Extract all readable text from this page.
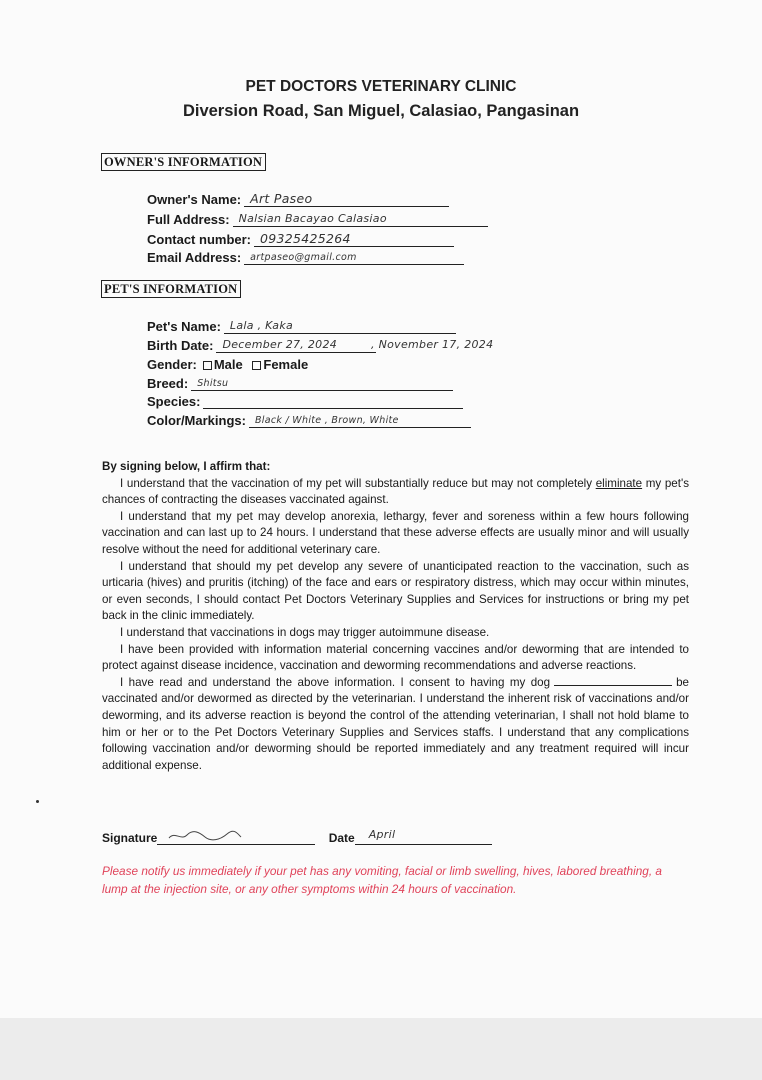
PET DOCTORS VETERINARY CLINIC
Diversion Road, San Miguel, Calasiao, Pangasinan
OWNER'S INFORMATION
Owner's Name: Art Paseo
Full Address: Nalsian Bacayao Calasiao
Contact number: 09325425264
Email Address: artpaseo@gmail.com
PET'S INFORMATION
Pet's Name: Lala , Kaka
Birth Date: December 27, 2024	, November 17, 2024
Gender:	Male Female
Breed: Shitsu
Species:
Color/Markings: Black / White , Brown, White
By signing below, I affirm that:

I understand that the vaccination of my pet will substantially reduce but may not completely eliminate my pet's chances of contracting the diseases vaccinated against.

I understand that my pet may develop anorexia, lethargy, fever and soreness within a few hours following vaccination and can last up to 24 hours. I understand that these adverse effects are usually minor and will usually resolve without the need for additional veterinary care.

I understand that should my pet develop any severe of unanticipated reaction to the vaccination, such as urticaria (hives) and pruritis (itching) of the face and ears or respiratory distress, which may occur within minutes, or even seconds, I should contact Pet Doctors Veterinary Supplies and Services for instructions or bring my pet back in the clinic immediately.

I understand that vaccinations in dogs may trigger autoimmune disease.

I have been provided with information material concerning vaccines and/or deworming that are intended to protect against disease incidence, vaccination and deworming recommendations and adverse reactions.

I have read and understand the above information. I consent to having my dog	be vaccinated and/or dewormed as directed by the veterinarian. I understand the inherent risk of vaccinations and/or deworming, and its adverse reaction is beyond the control of the attending veterinarian, I shall not hold blame to him or her or to the Pet Doctors Veterinary Supplies and Services staffs. I understand that any complications following vaccination and/or deworming should be reported immediately and any treatment required will incur additional expense.

Signature	Date April
Please notify us immediately if your pet has any vomiting, facial or limb swelling, hives, labored breathing, a lump at the injection site, or any other symptoms within 24 hours of vaccination.
